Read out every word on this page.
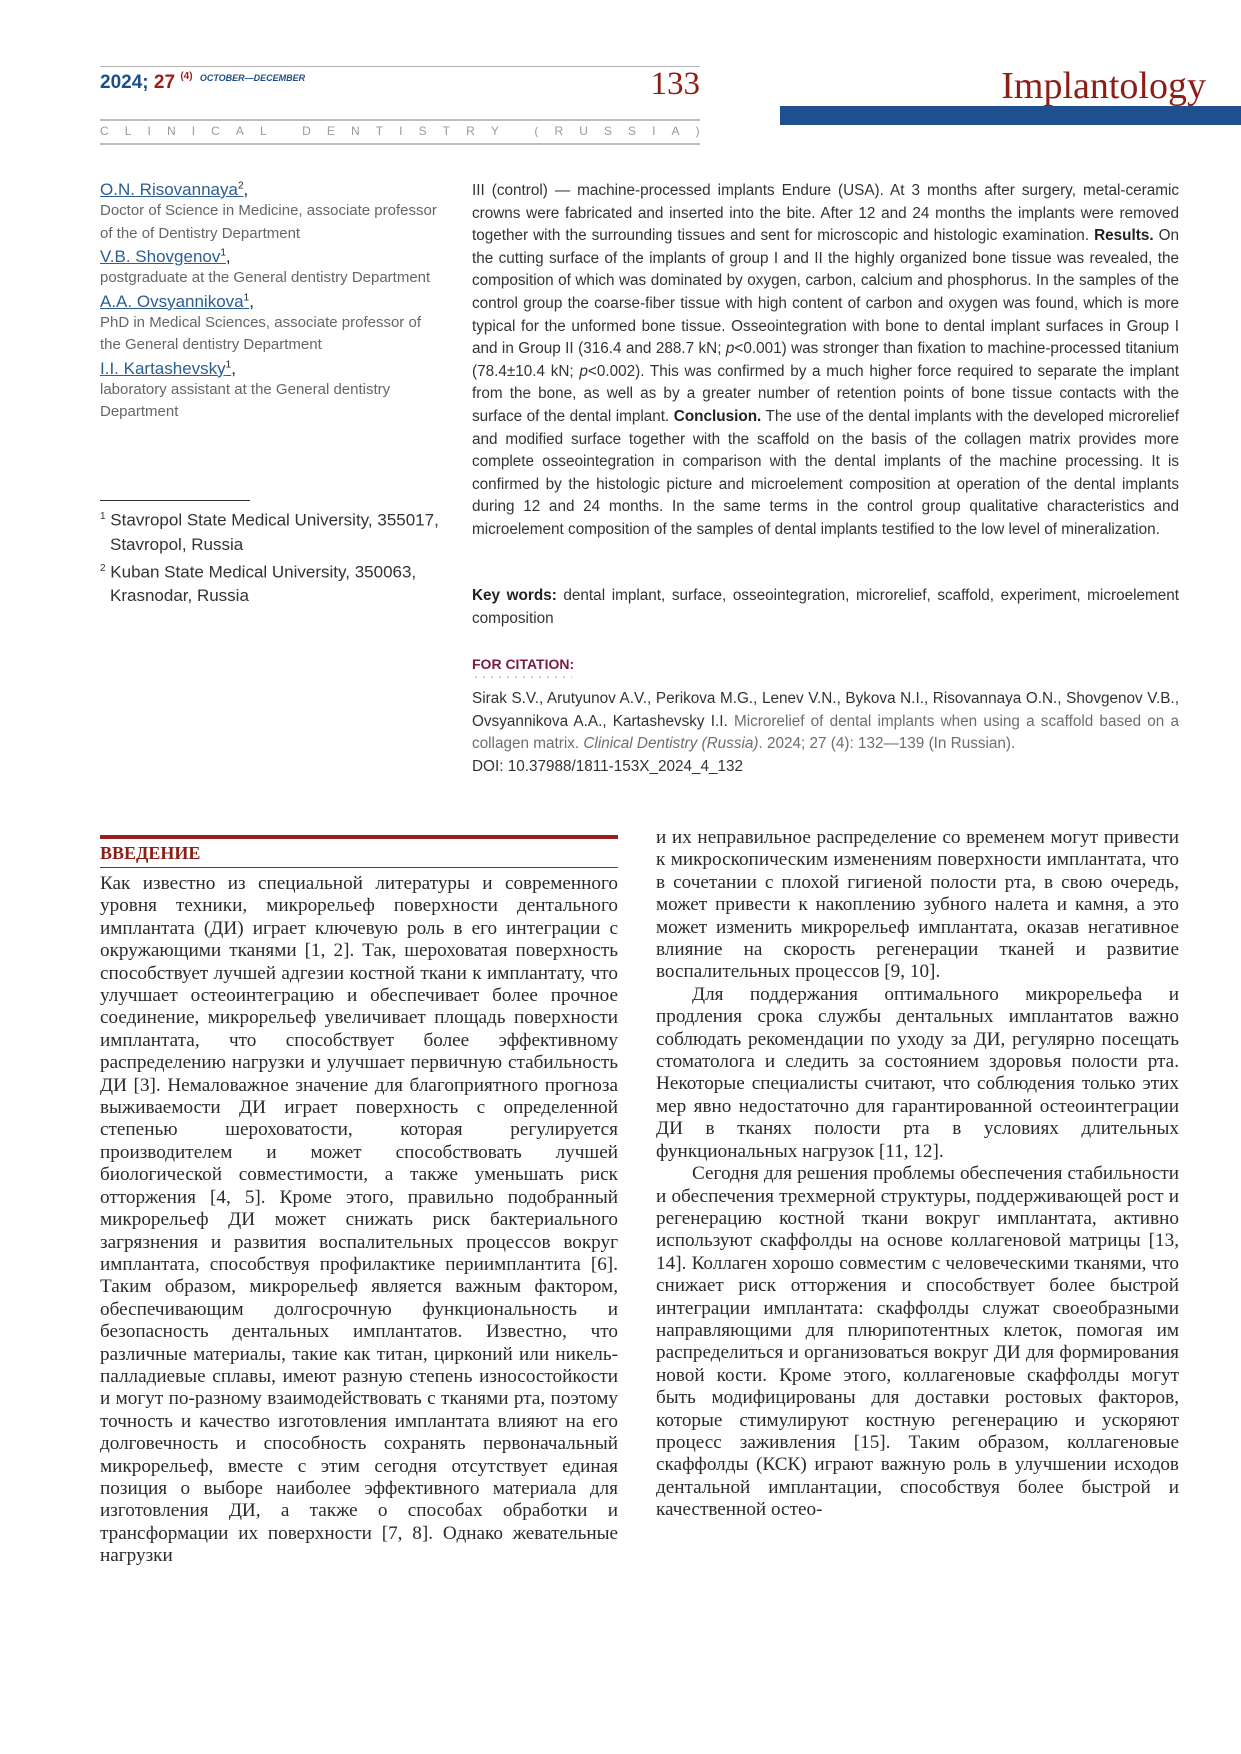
2024; 27 $^{(4)}$ $^{OCTOBER—DECEMBER}$	133
C L I N I C A L
	D E N T I S T R Y
	( R U S S I A )
Implantology
O.N. Risovannaya$^2$,
Doctor of Science in Medicine, associate professor of the of Dentistry Department
V.B. Shovgenov$^1$,
postgraduate at the General dentistry Department
A.A. Ovsyannikova$^1$,
PhD in Medical Sciences, associate professor of the General dentistry Department
I.I. Kartashevsky$^1$,
laboratory assistant at the General dentistry Department
$^1$ Stavropol State Medical University, 355017, Stavropol, Russia
$^2$ Kuban State Medical University, 350063, Krasnodar, Russia
III (control) — machine-processed implants Endure (USA). At 3 months after surgery, metal-ceramic crowns were fabricated and inserted into the bite. After 12 and 24 months the implants were removed together with the surrounding tissues and sent for microscopic and histologic examination. Results. On the cutting surface of the implants of group I and II the highly organized bone tissue was revealed, the composition of which was dominated by oxygen, carbon, calcium and phosphorus. In the samples of the control group the coarse-fiber tissue with high content of carbon and oxygen was found, which is more typical for the unformed bone tissue. Osseointegration with bone to dental implant surfaces in Group I and in Group II (316.4 and 288.7 kN; p<0.001) was stronger than fixation to machine-processed titanium (78.4±10.4 kN; p<0.002). This was confirmed by a much higher force required to separate the implant from the bone, as well as by a greater number of retention points of bone tissue contacts with the surface of the dental implant. Conclusion. The use of the dental implants with the developed microrelief and modified surface together with the scaffold on the basis of the collagen matrix provides more complete osseointegration in comparison with the dental implants of the machine processing. It is confirmed by the histologic picture and microelement composition at operation of the dental implants during 12 and 24 months. In the same terms in the control group qualitative characteristics and microelement composition of the samples of dental implants testified to the low level of mineralization.
Key words: dental implant, surface, osseointegration, microrelief, scaffold, experiment, microelement composition
FOR CITATION:
Sirak S.V., Arutyunov A.V., Perikova M.G., Lenev V.N., Bykova N.I., Risovannaya O.N., Shovgenov V.B., Ovsyannikova A.A., Kartashevsky I.I. Microrelief of dental implants when using a scaffold based on a collagen matrix. Clinical Dentistry (Russia). 2024; 27 (4): 132—139 (In Russian).
DOI: 10.37988/1811-153X_2024_4_132
ВВЕДЕНИЕ

Как известно из специальной литературы и современного уровня техники, микрорельеф поверхности дентального имплантата (ДИ) играет ключевую роль в его интеграции с окружающими тканями [1, 2]. Так, шероховатая поверхность способствует лучшей адгезии костной ткани к имплантату, что улучшает остеоинтеграцию и обеспечивает более прочное соединение, микрорельеф увеличивает площадь поверхности имплантата, что способствует более эффективному распределению нагрузки и улучшает первичную стабильность ДИ [3]. Немаловажное значение для благоприятного прогноза выживаемости ДИ играет поверхность с определенной степенью шероховатости, которая регулируется производителем и может способствовать лучшей биологической совместимости, а также уменьшать риск отторжения [4, 5]. Кроме этого, правильно подобранный микрорельеф ДИ может снижать риск бактериального загрязнения и развития воспалительных процессов вокруг имплантата, способствуя профилактике периимплантита [6]. Таким образом, микрорельеф является важным фактором, обеспечивающим долгосрочную функциональность и безопасность дентальных имплантатов. Известно, что различные материалы, такие как титан, цирконий или никель-палладиевые сплавы, имеют разную степень износостойкости и могут по-разному взаимодействовать с тканями рта, поэтому точность и качество изготовления имплантата влияют на его долговечность и способность сохранять первоначальный микрорельеф, вместе с этим сегодня отсутствует единая позиция о выборе наиболее эффективного материала для изготовления ДИ, а также о способах обработки и трансформации их поверхности [7, 8]. Однако жевательные нагрузки

и их неправильное распределение со временем могут привести к микроскопическим изменениям поверхности имплантата, что в сочетании с плохой гигиеной полости рта, в свою очередь, может привести к накоплению зубного налета и камня, а это может изменить микрорельеф имплантата, оказав негативное влияние на скорость регенерации тканей и развитие воспалительных процессов [9, 10].

Для поддержания оптимального микрорельефа и продления срока службы дентальных имплантатов важно соблюдать рекомендации по уходу за ДИ, регулярно посещать стоматолога и следить за состоянием здоровья полости рта. Некоторые специалисты считают, что соблюдения только этих мер явно недостаточно для гарантированной остеоинтеграции ДИ в тканях полости рта в условиях длительных функциональных нагрузок [11, 12].

Сегодня для решения проблемы обеспечения стабильности и обеспечения трехмерной структуры, поддерживающей рост и регенерацию костной ткани вокруг имплантата, активно используют скаффолды на основе коллагеновой матрицы [13, 14]. Коллаген хорошо совместим с человеческими тканями, что снижает риск отторжения и способствует более быстрой интеграции имплантата: скаффолды служат своеобразными направляющими для плюрипотентных клеток, помогая им распределиться и организоваться вокруг ДИ для формирования новой кости. Кроме этого, коллагеновые скаффолды могут быть модифицированы для доставки ростовых факторов, которые стимулируют костную регенерацию и ускоряют процесс заживления [15]. Таким образом, коллагеновые скаффолды (КСК) играют важную роль в улучшении исходов дентальной имплантации, способствуя более быстрой и качественной остео-
